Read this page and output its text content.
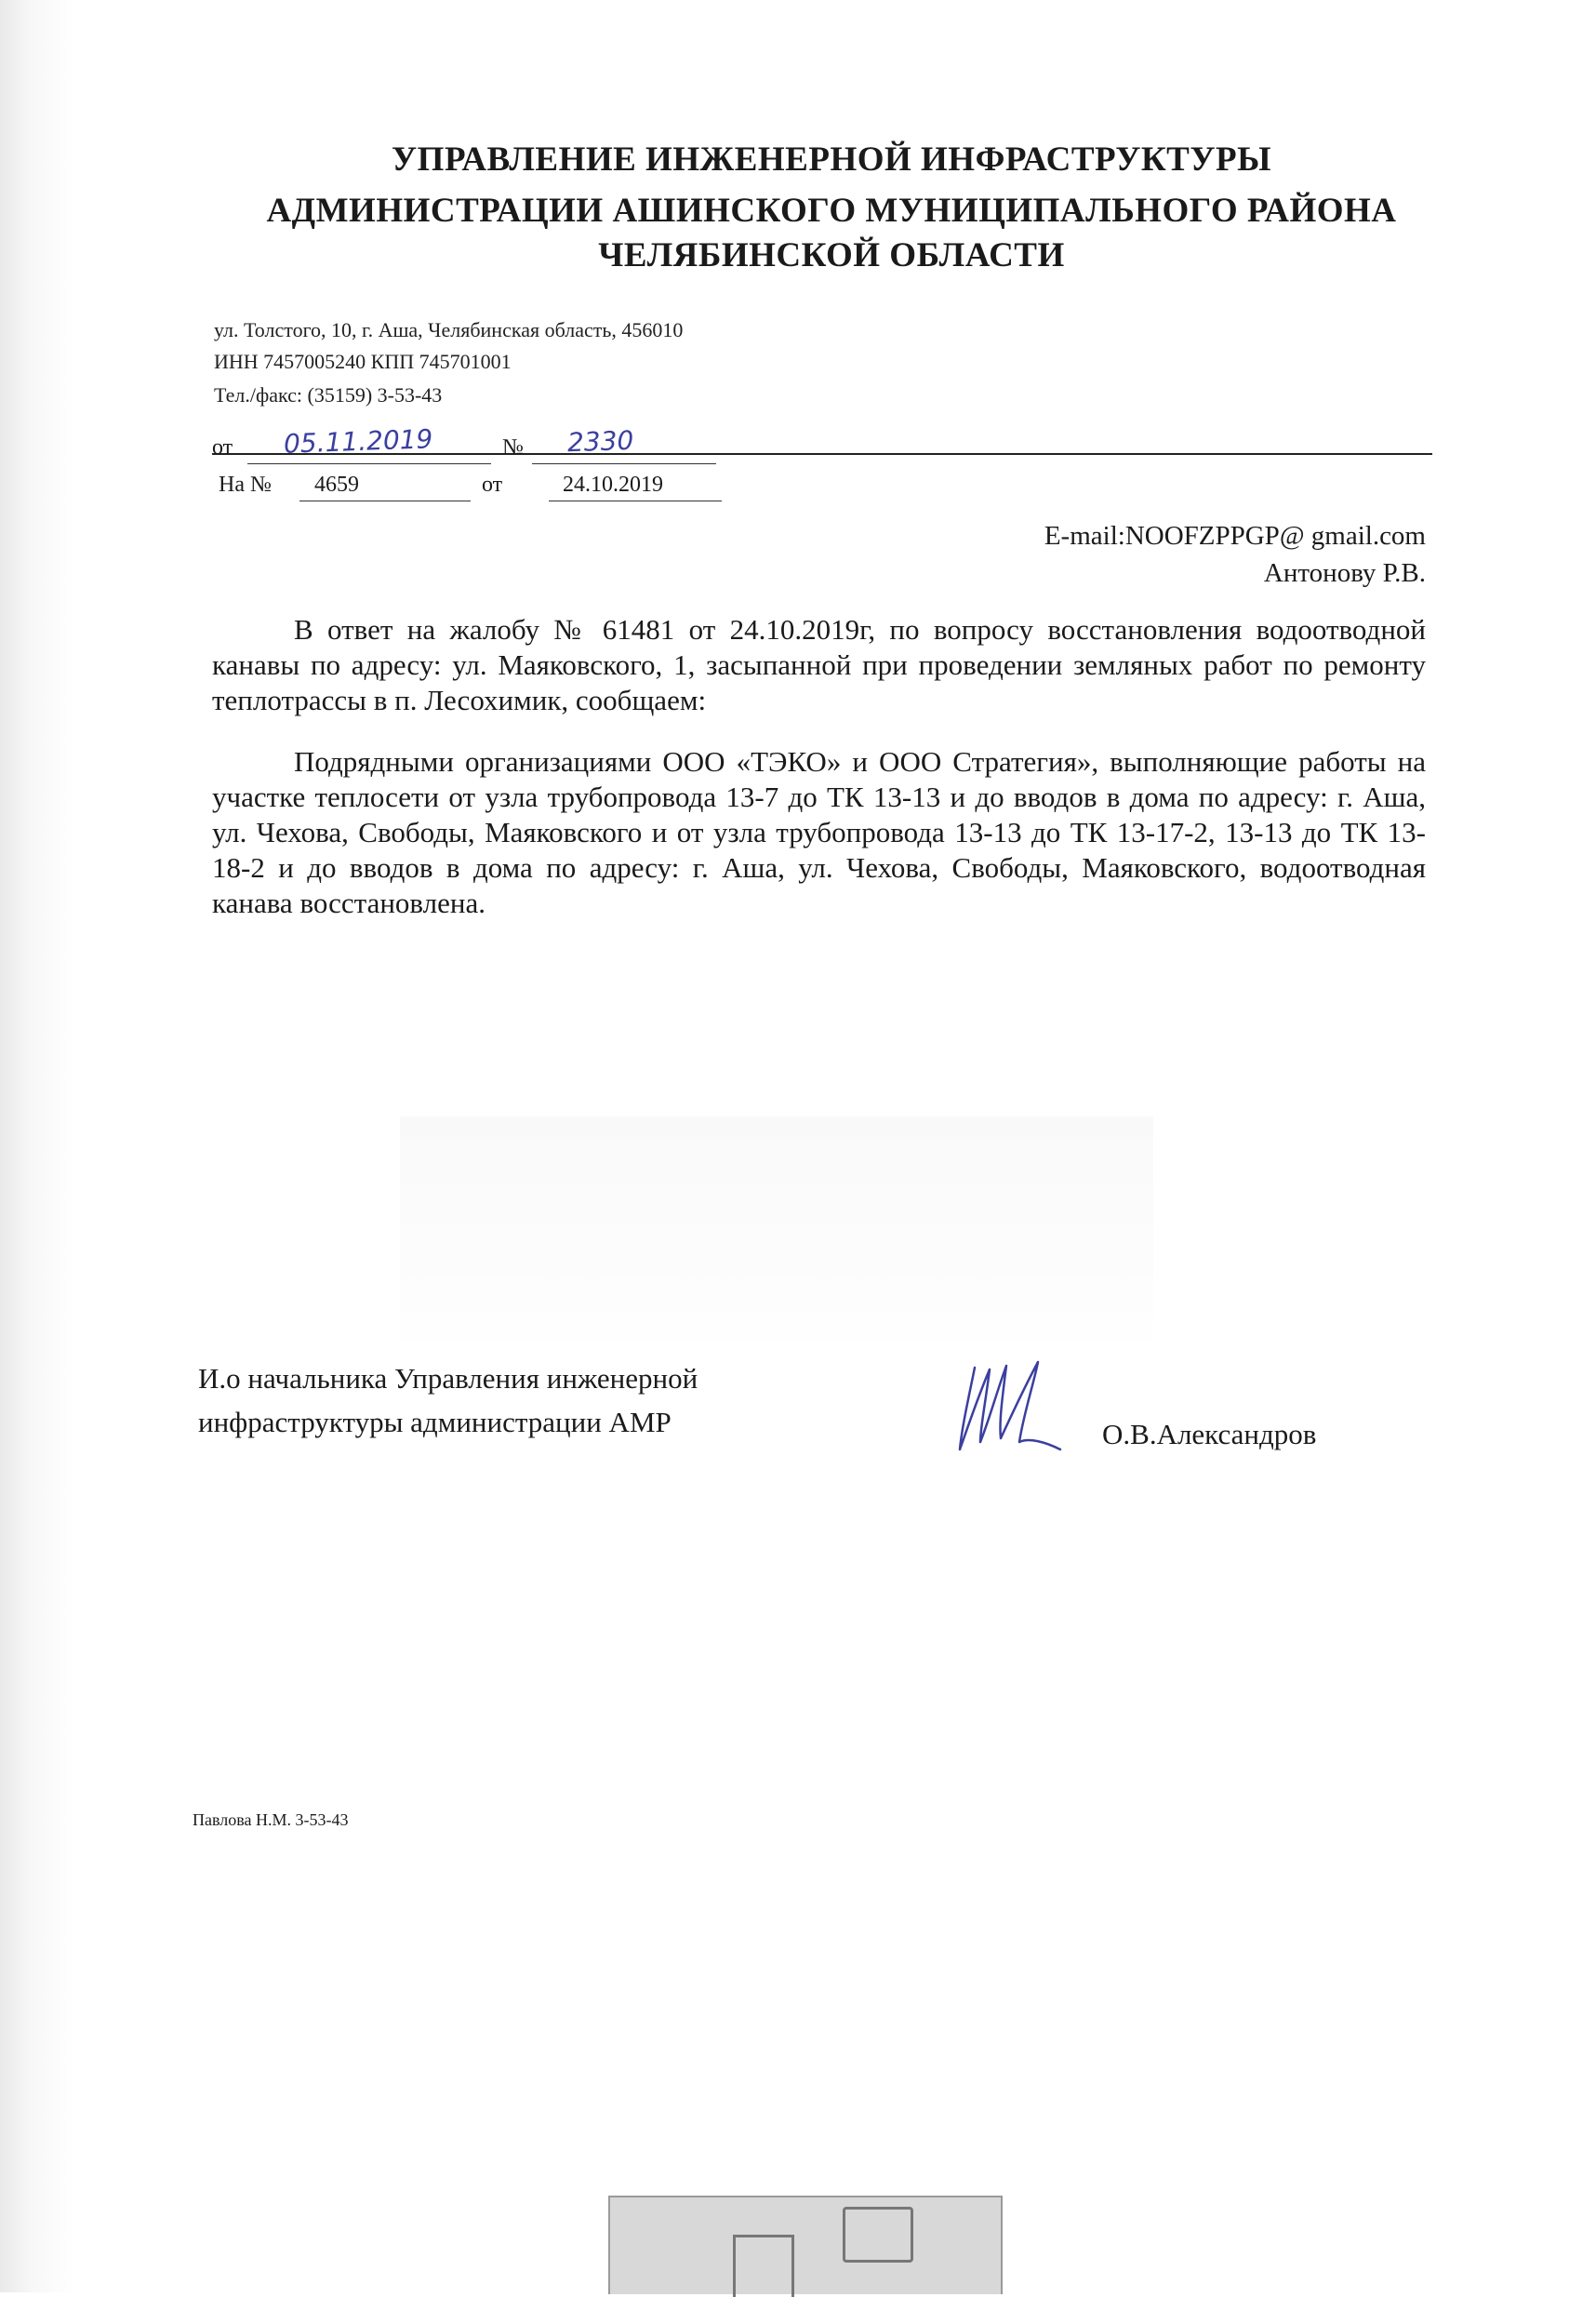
УПРАВЛЕНИЕ ИНЖЕНЕРНОЙ ИНФРАСТРУКТУРЫ
АДМИНИСТРАЦИИ АШИНСКОГО МУНИЦИПАЛЬНОГО РАЙОНА
ЧЕЛЯБИНСКОЙ ОБЛАСТИ
ул. Толстого, 10, г. Аша, Челябинская область, 456010
ИНН 7457005240 КПП 745701001
Тел./факс: (35159) 3-53-43
от 05.11.2019	№ 2330
На № 4659	от	24.10.2019
E-mail:NOOFZPPGP@ gmail.com
Антонову Р.В.
В ответ на жалобу № 61481 от 24.10.2019г, по вопросу восстановления водоотводной канавы по адресу: ул. Маяковского, 1, засыпанной при проведении земляных работ по ремонту теплотрассы в п. Лесохимик, сообщаем:
Подрядными организациями ООО «ТЭКО» и ООО Стратегия», выполняющие работы на участке теплосети от узла трубопровода 13-7 до ТК 13-13 и до вводов в дома по адресу: г. Аша, ул. Чехова, Свободы, Маяковского и от узла трубопровода 13-13 до ТК 13-17-2, 13-13 до ТК 13-18-2 и до вводов в дома по адресу: г. Аша, ул. Чехова, Свободы, Маяковского, водоотводная канава восстановлена.
И.о начальника Управления инженерной
инфраструктуры администрации АМР	О.В.Александров
Павлова Н.М. 3-53-43
